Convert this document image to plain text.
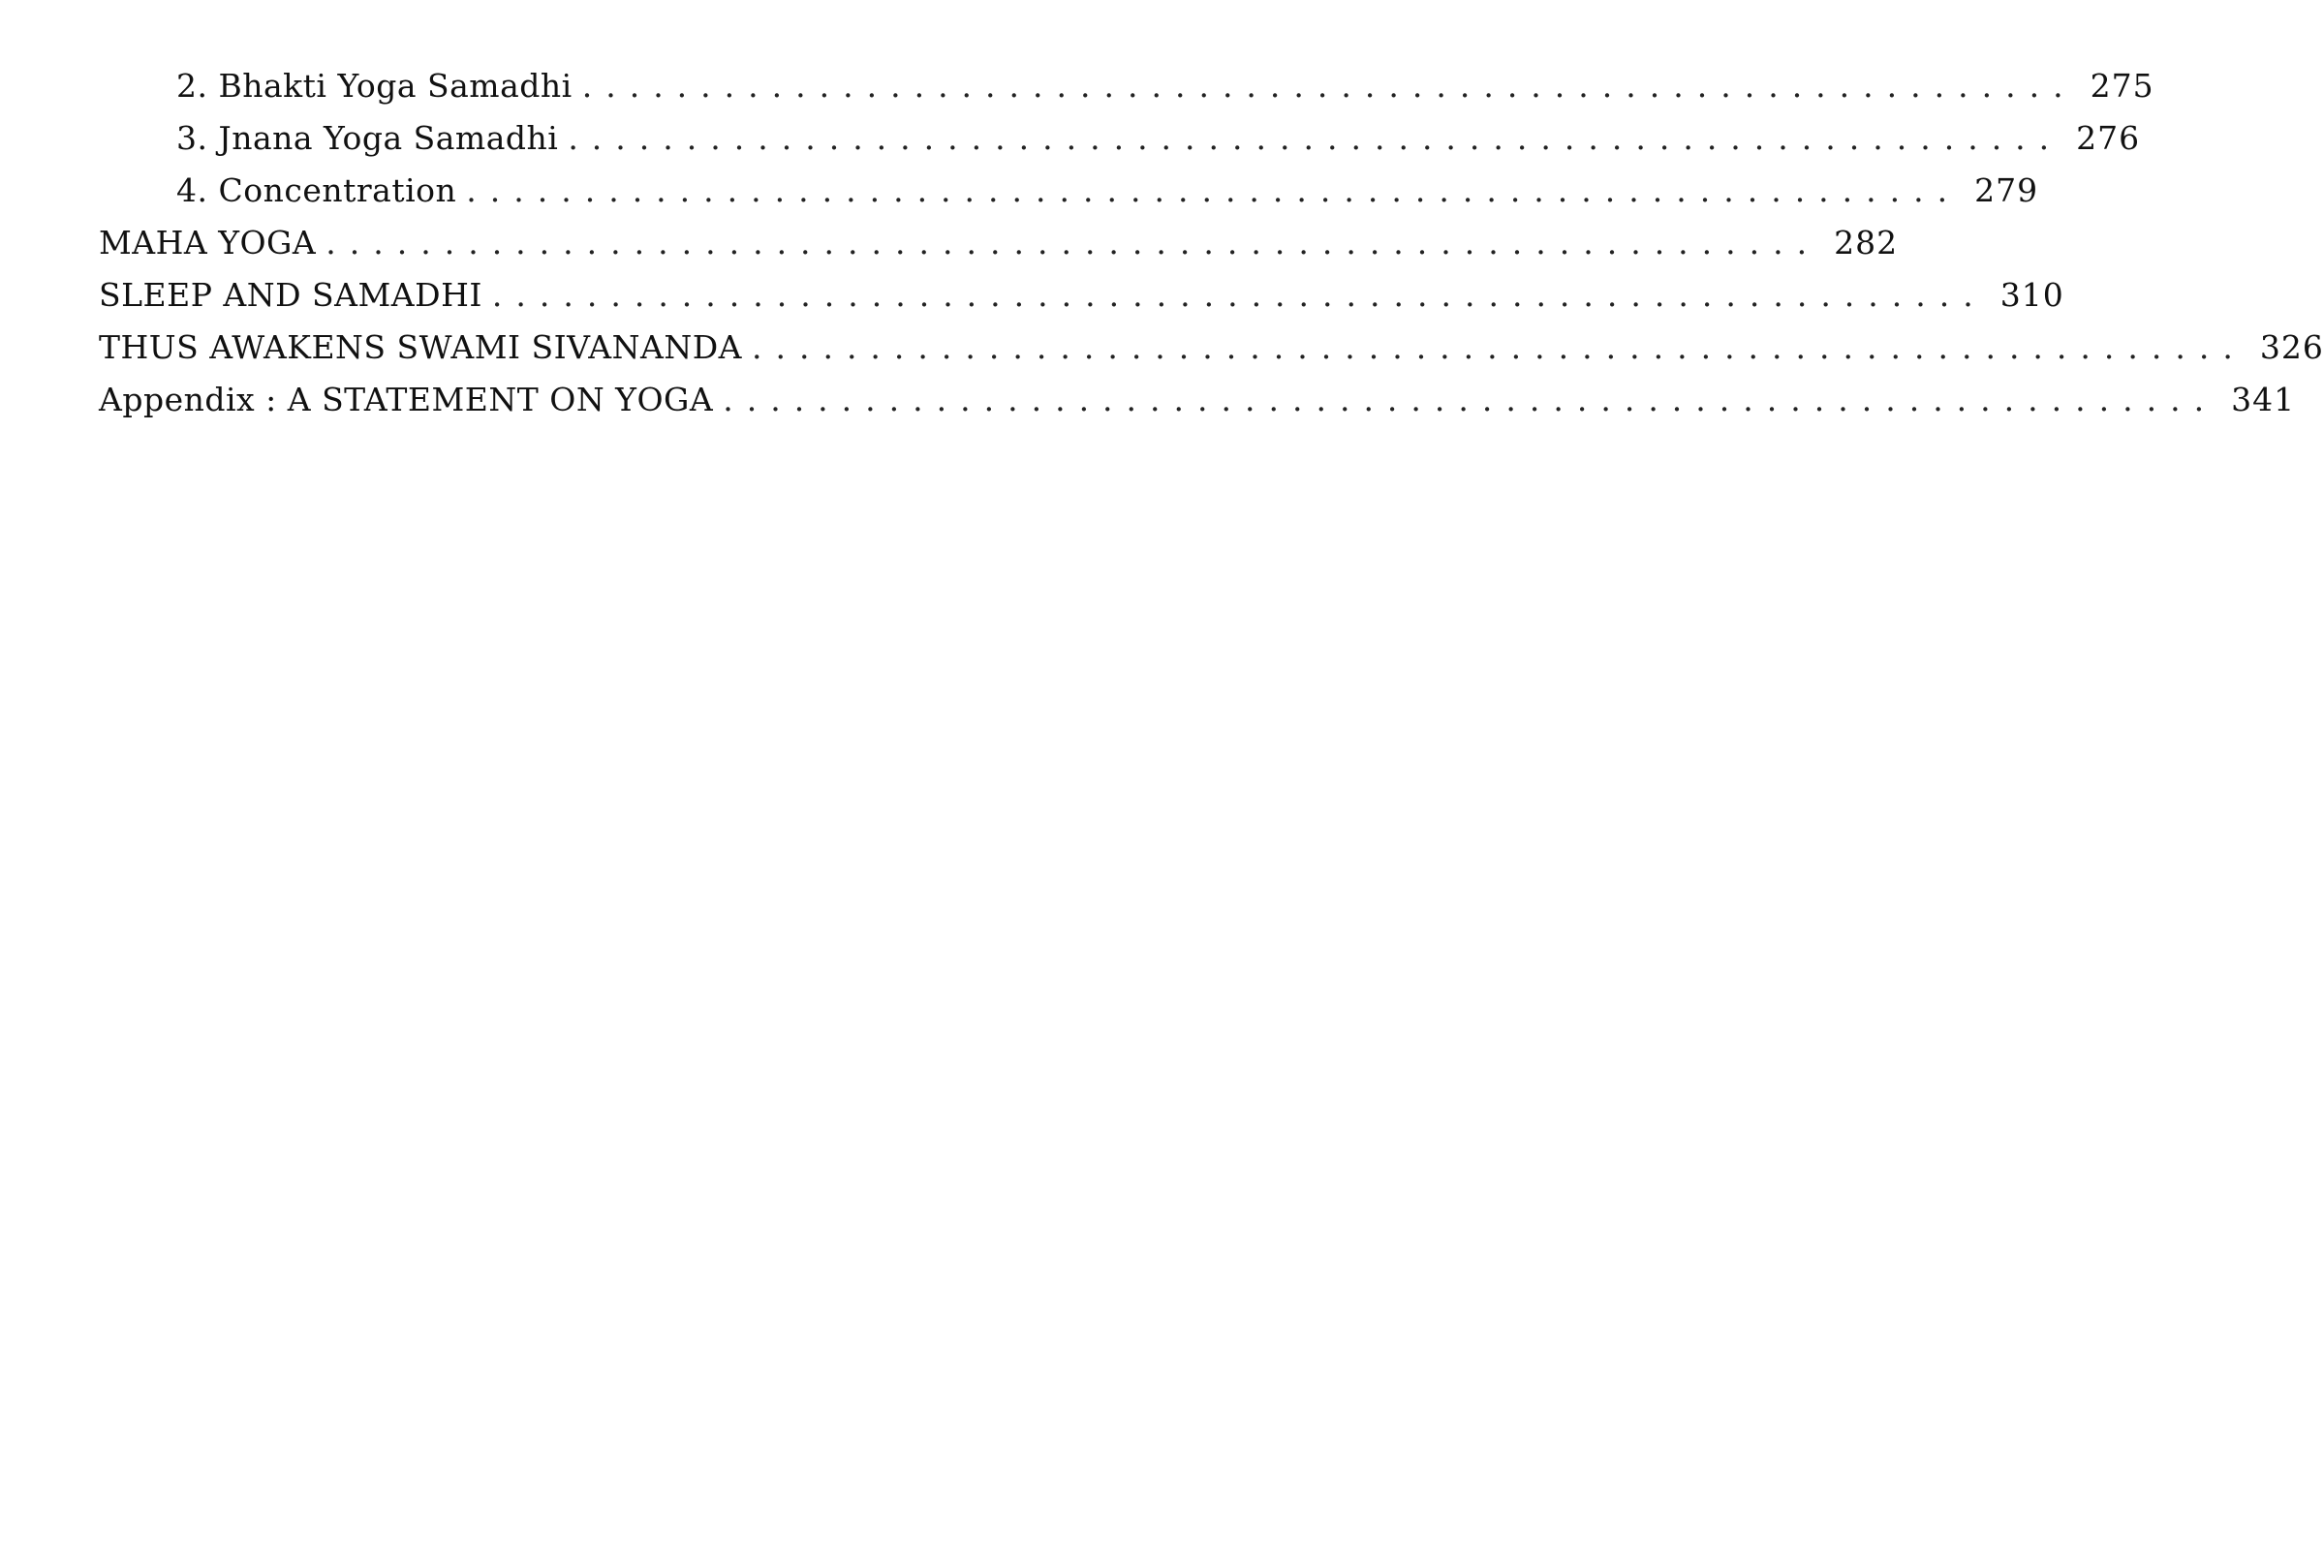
2. Bhakti Yoga Samadhi ............................................................... 275
3. Jnana Yoga Samadhi ............................................................... 276
4. Concentration ............................................................... 279
MAHA YOGA ............................................................... 282
SLEEP AND SAMADHI ............................................................... 310
THUS AWAKENS SWAMI SIVANANDA ............................................................... 326
Appendix : A STATEMENT ON YOGA ............................................................... 341
